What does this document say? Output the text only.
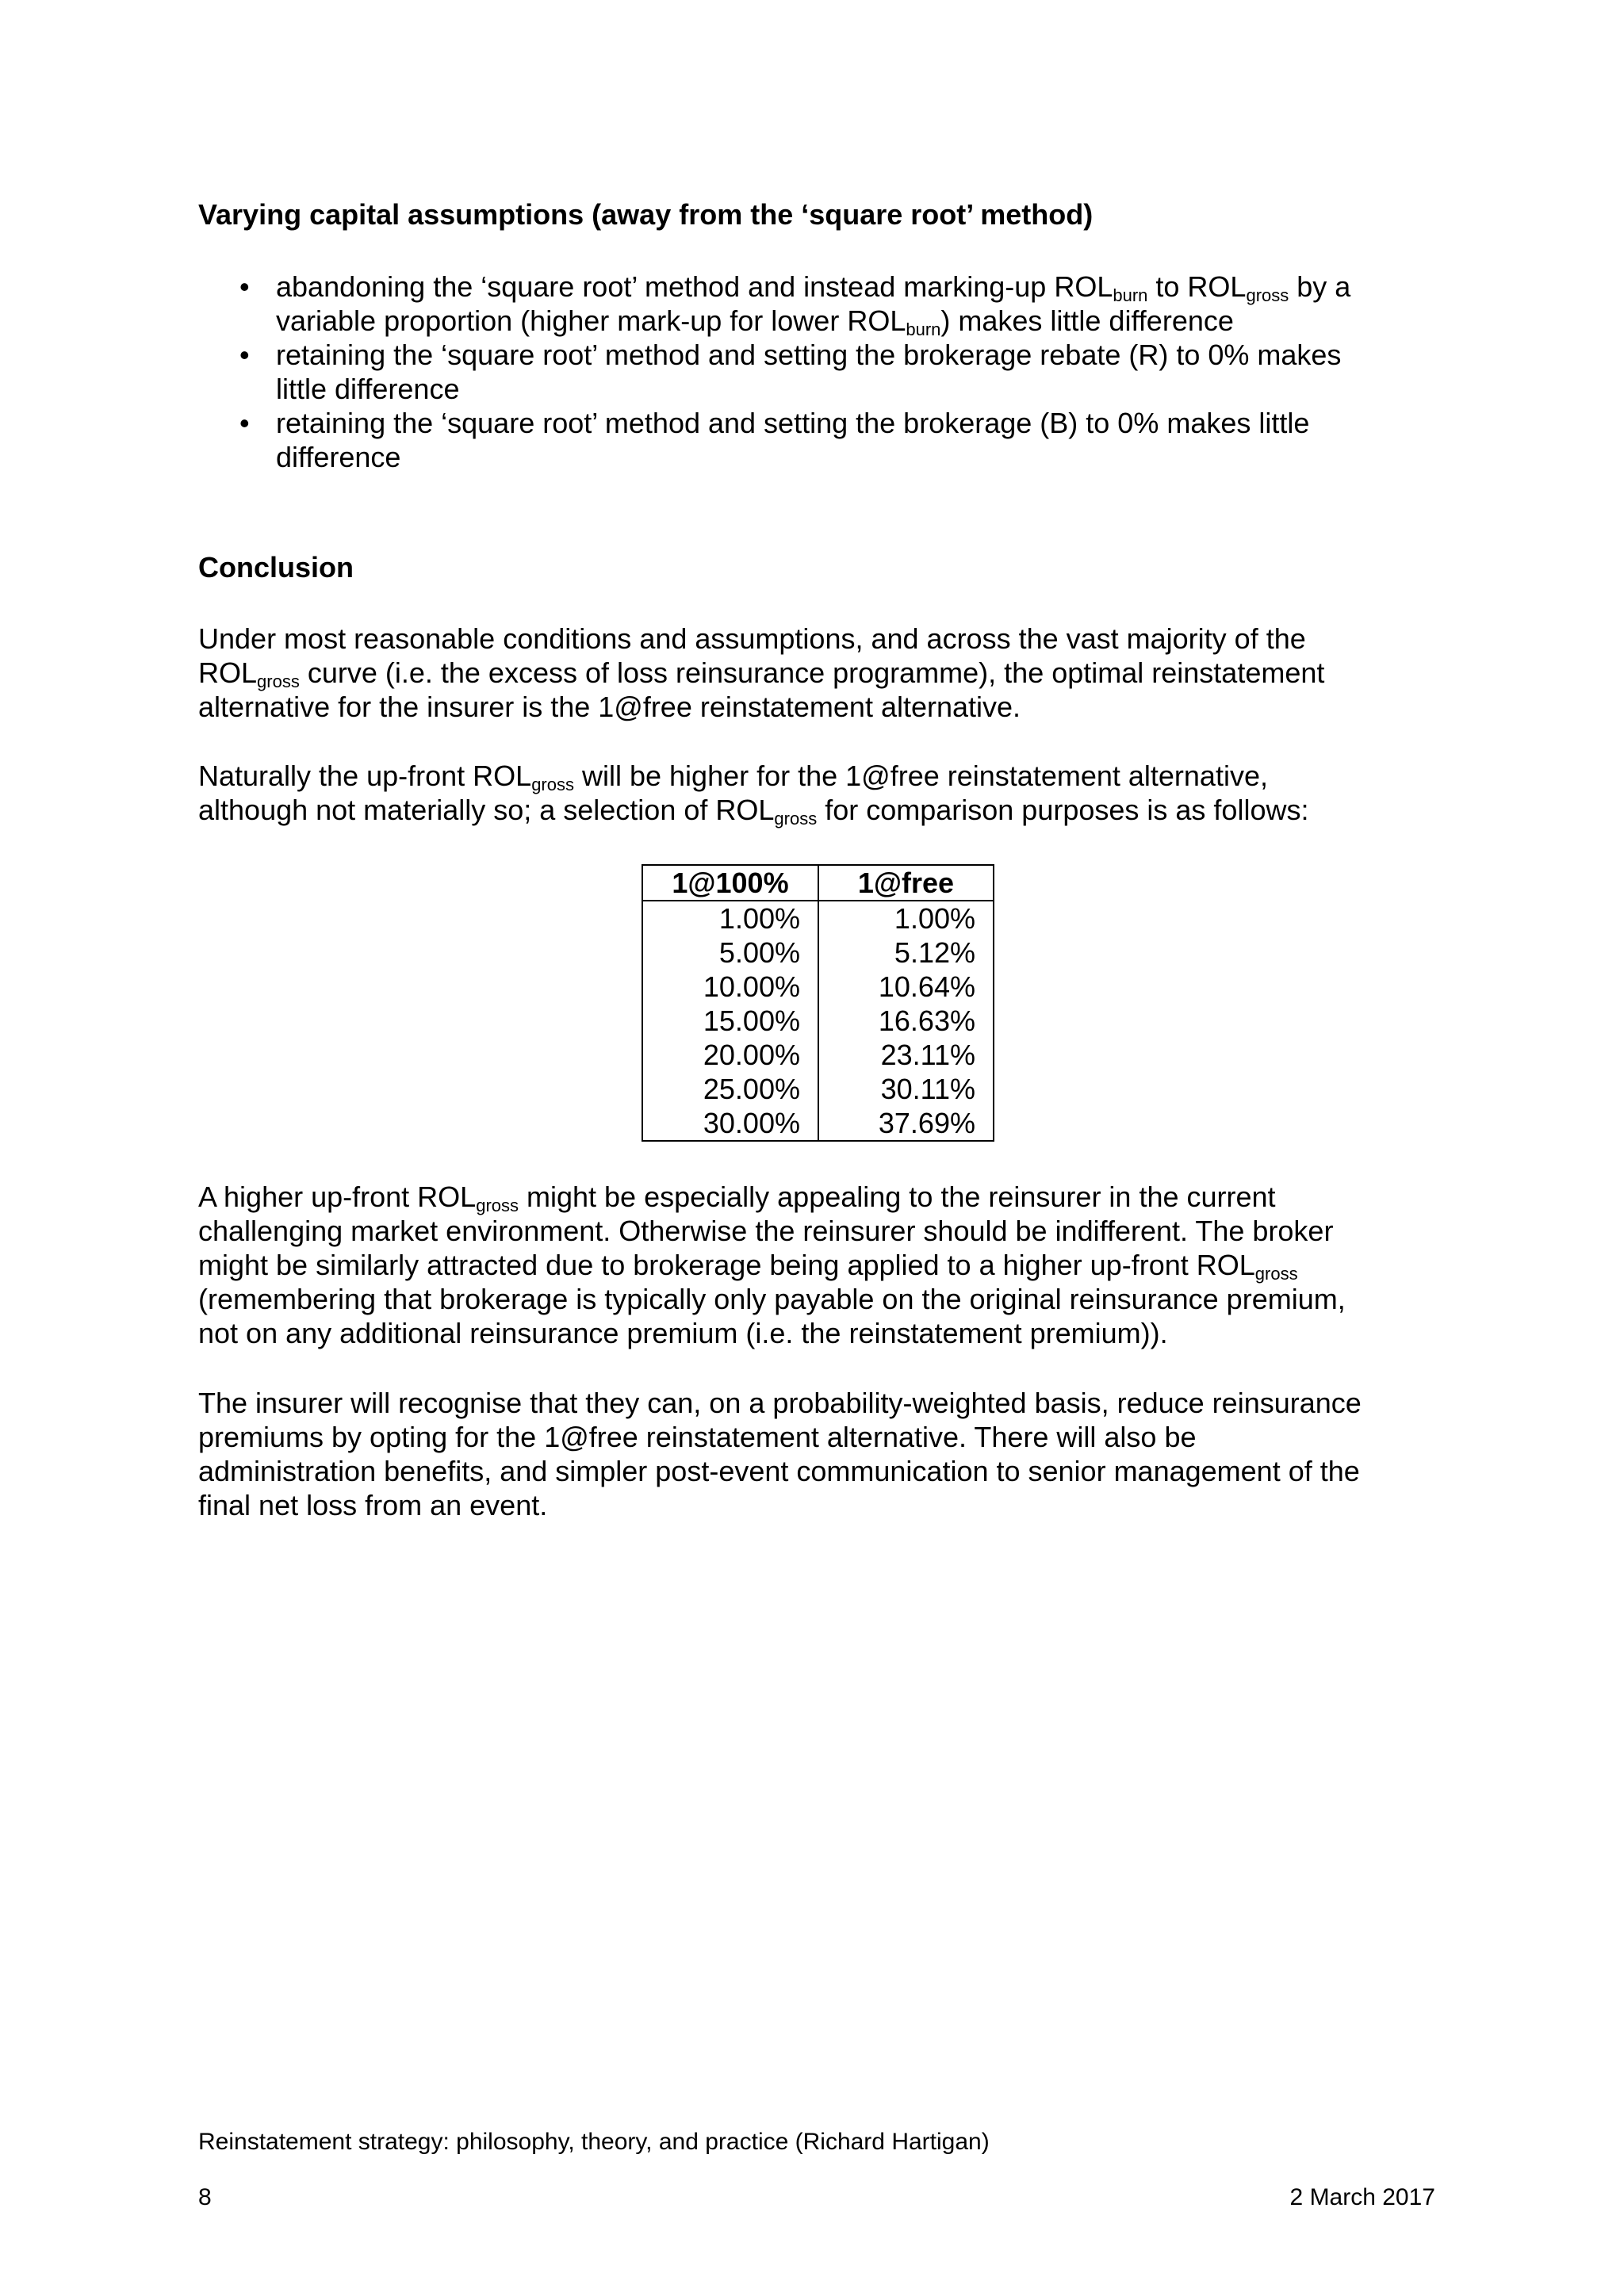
Varying capital assumptions (away from the ‘square root’ method)
• abandoning the ‘square root’ method and instead marking-up $ROL_{burn}$ to $ROL_{gross}$ by a
variable proportion (higher mark-up for lower $ROL_{burn}$) makes little difference
• retaining the ‘square root’ method and setting the brokerage rebate (R) to 0% makes
little difference
• retaining the ‘square root’ method and setting the brokerage (B) to 0% makes little
difference
Conclusion
Under most reasonable conditions and assumptions, and across the vast majority of the
$ROL_{gross}$ curve (i.e. the excess of loss reinsurance programme), the optimal reinstatement
alternative for the insurer is the 1@free reinstatement alternative.
Naturally the up-front $ROL_{gross}$ will be higher for the 1@free reinstatement alternative,
although not materially so; a selection of $ROL_{gross}$ for comparison purposes is as follows:
1@100%	1@free
1.00%	1.00%
5.00%	5.12%
10.00%	10.64%
15.00%	16.63%
20.00%	23.11%
25.00%	30.11%
30.00%	37.69%
A higher up-front $ROL_{gross}$ might be especially appealing to the reinsurer in the current
challenging market environment. Otherwise the reinsurer should be indifferent. The broker
might be similarly attracted due to brokerage being applied to a higher up-front $ROL_{gross}$
(remembering that brokerage is typically only payable on the original reinsurance premium,
not on any additional reinsurance premium (i.e. the reinstatement premium)).
The insurer will recognise that they can, on a probability-weighted basis, reduce reinsurance
premiums by opting for the 1@free reinstatement alternative. There will also be
administration benefits, and simpler post-event communication to senior management of the
final net loss from an event.
Reinstatement strategy: philosophy, theory, and practice (Richard Hartigan)
8	2 March 2017
